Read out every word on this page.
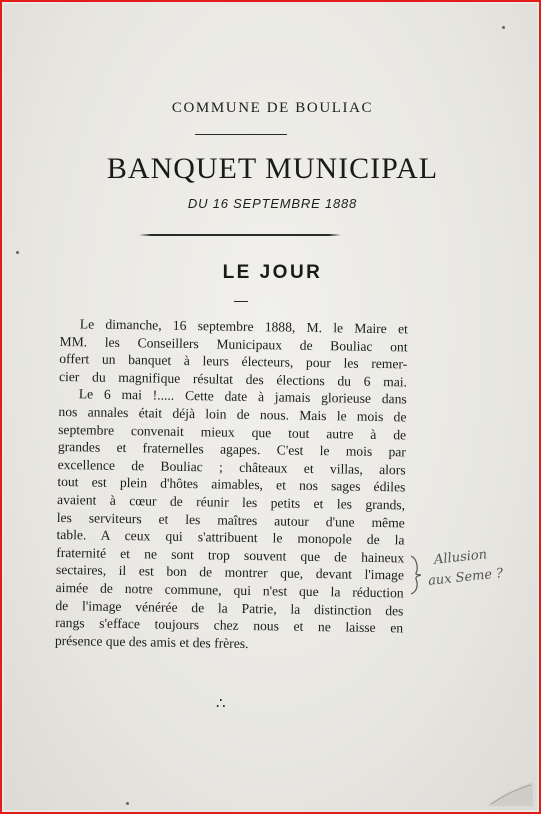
COMMUNE DE BOULIAC
BANQUET MUNICIPAL
DU 16 SEPTEMBRE 1888
LE JOUR
Le dimanche, 16 septembre 1888, M. le Maire et
MM. les Conseillers Municipaux de Bouliac ont
offert un banquet à leurs électeurs, pour les remer-
cier du magnifique résultat des élections du 6 mai.
Le 6 mai !..... Cette date à jamais glorieuse dans
nos annales était déjà loin de nous. Mais le mois de
septembre convenait mieux que tout autre à de
grandes et fraternelles agapes. C'est le mois par
excellence de Bouliac ; châteaux et villas, alors
tout est plein d'hôtes aimables, et nos sages édiles
avaient à cœur de réunir les petits et les grands,
les serviteurs et les maîtres autour d'une même
table. A ceux qui s'attribuent le monopole de la
fraternité et ne sont trop souvent que de haineux
sectaires, il est bon de montrer que, devant l'image
aimée de notre commune, qui n'est que la réduction
de l'image vénérée de la Patrie, la distinction des
rangs s'efface toujours chez nous et ne laisse en
présence que des amis et des frères.
∴
Allusion
aux Seme ?
